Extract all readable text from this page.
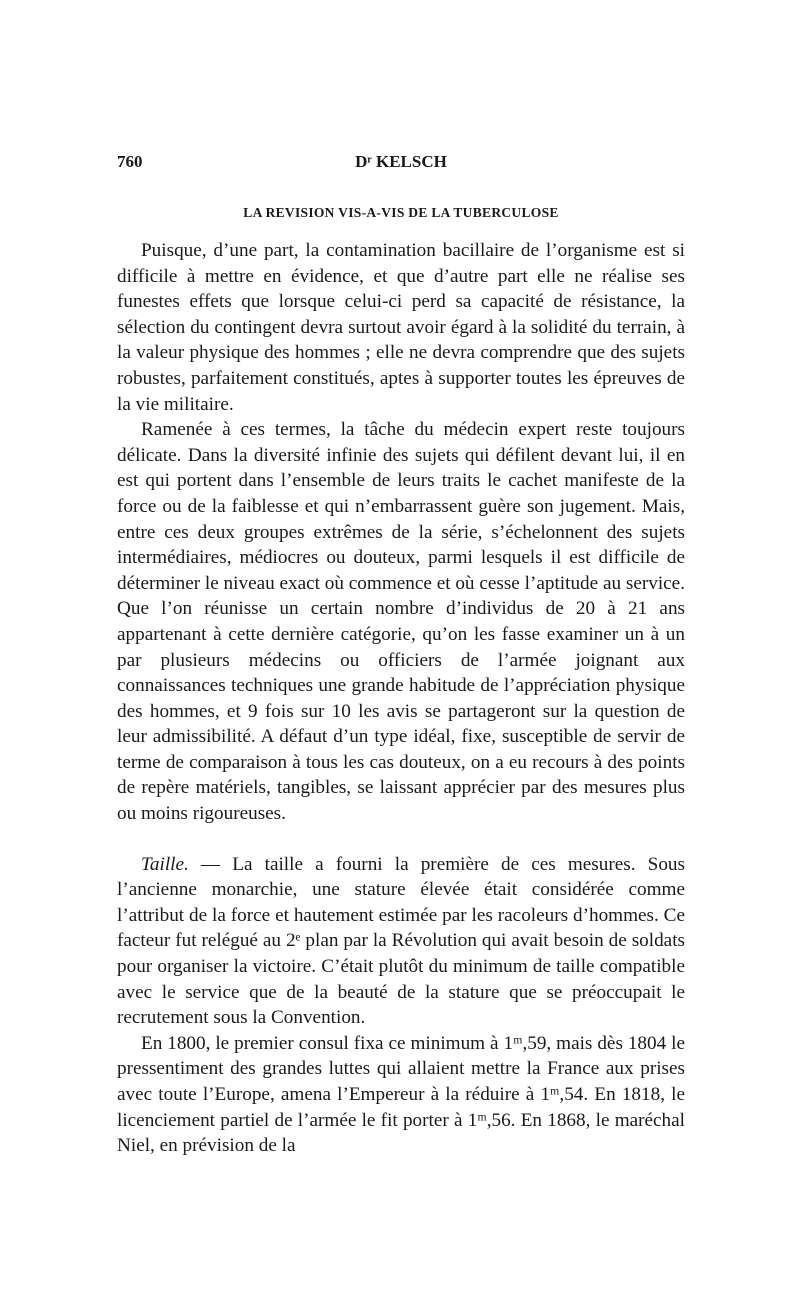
760	Dʳ KELSCH
LA REVISION VIS-A-VIS DE LA TUBERCULOSE

Puisque, d’une part, la contamination bacillaire de l’organisme est si difficile à mettre en évidence, et que d’autre part elle ne réalise ses funestes effets que lorsque celui-ci perd sa capacité de résistance, la sélection du contingent devra surtout avoir égard à la solidité du terrain, à la valeur physique des hommes ; elle ne devra comprendre que des sujets robustes, parfaitement constitués, aptes à supporter toutes les épreuves de la vie militaire.

Ramenée à ces termes, la tâche du médecin expert reste toujours délicate. Dans la diversité infinie des sujets qui défilent devant lui, il en est qui portent dans l’ensemble de leurs traits le cachet manifeste de la force ou de la faiblesse et qui n’embarrassent guère son jugement. Mais, entre ces deux groupes extrêmes de la série, s’échelonnent des sujets intermédiaires, médiocres ou douteux, parmi lesquels il est difficile de déterminer le niveau exact où commence et où cesse l’aptitude au service. Que l’on réunisse un certain nombre d’individus de 20 à 21 ans appartenant à cette dernière catégorie, qu’on les fasse examiner un à un par plusieurs médecins ou officiers de l’armée joignant aux connaissances techniques une grande habitude de l’appréciation physique des hommes, et 9 fois sur 10 les avis se partageront sur la question de leur admissibilité. A défaut d’un type idéal, fixe, susceptible de servir de terme de comparaison à tous les cas douteux, on a eu recours à des points de repère matériels, tangibles, se laissant apprécier par des mesures plus ou moins rigoureuses.

Taille. — La taille a fourni la première de ces mesures. Sous l’ancienne monarchie, une stature élevée était considérée comme l’attribut de la force et hautement estimée par les racoleurs d’hommes. Ce facteur fut relégué au 2ᵉ plan par la Révolution qui avait besoin de soldats pour organiser la victoire. C’était plutôt du minimum de taille compatible avec le service que de la beauté de la stature que se préoccupait le recrutement sous la Convention.

En 1800, le premier consul fixa ce minimum à 1ᵐ,59, mais dès 1804 le pressentiment des grandes luttes qui allaient mettre la France aux prises avec toute l’Europe, amena l’Empereur à la réduire à 1ᵐ,54. En 1818, le licenciement partiel de l’armée le fit porter à 1ᵐ,56. En 1868, le maréchal Niel, en prévision de la
